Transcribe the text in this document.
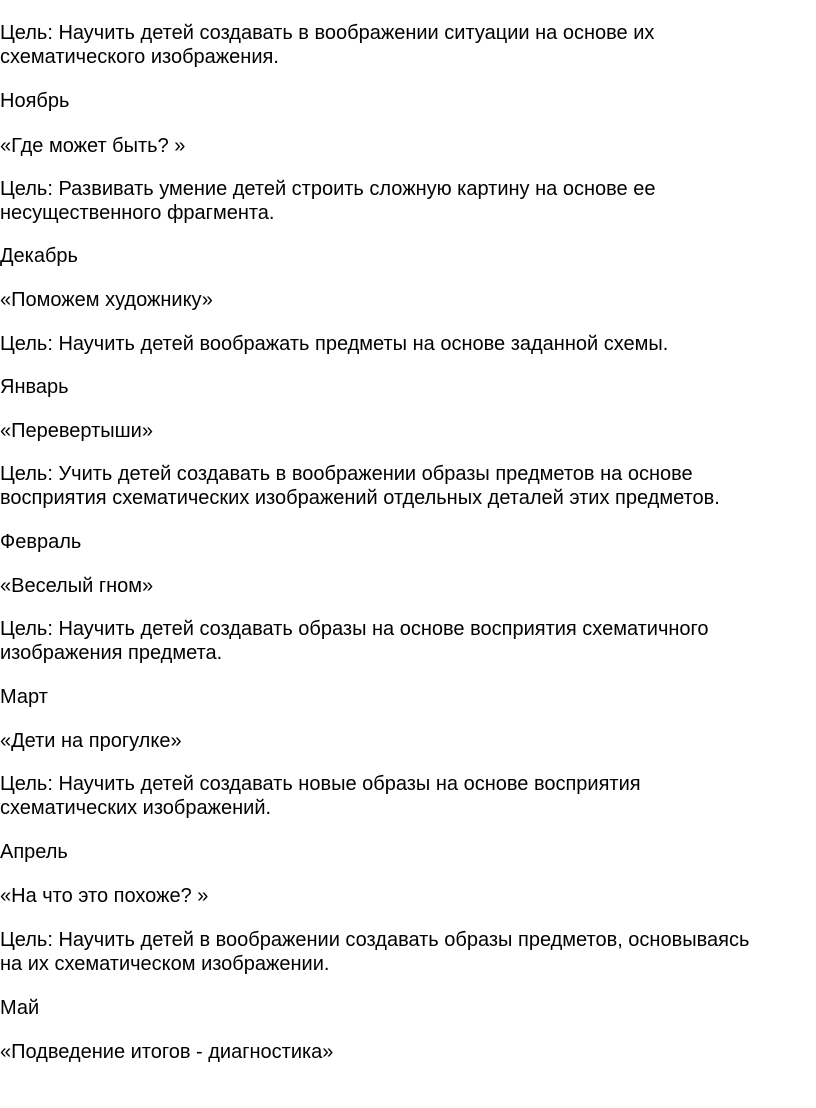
Цель: Научить детей создавать в воображении ситуации на основе их
схематического изображения.

Ноябрь

«Где может быть? »

Цель: Развивать умение детей строить сложную картину на основе ее
несущественного фрагмента.

Декабрь

«Поможем художнику»

Цель: Научить детей воображать предметы на основе заданной схемы.

Январь

«Перевертыши»

Цель: Учить детей создавать в воображении образы предметов на основе
восприятия схематических изображений отдельных деталей этих предметов.

Февраль

«Веселый гном»

Цель: Научить детей создавать образы на основе восприятия схематичного
изображения предмета.

Март

«Дети на прогулке»

Цель: Научить детей создавать новые образы на основе восприятия
схематических изображений.

Апрель

«На что это похоже? »

Цель: Научить детей в воображении создавать образы предметов, основываясь
на их схематическом изображении.

Май

«Подведение итогов - диагностика»
